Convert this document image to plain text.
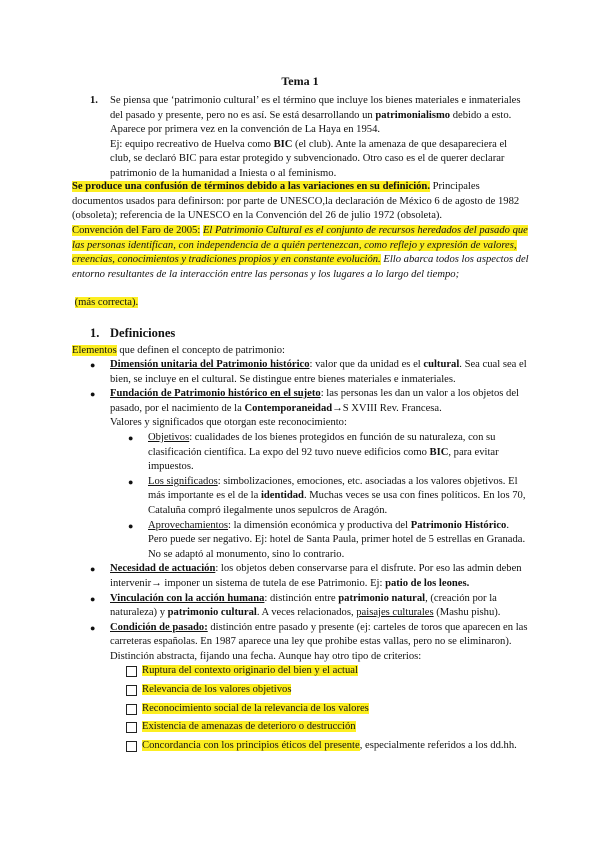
Tema 1
1. Se piensa que ‘patrimonio cultural’ es el término que incluye los bienes materiales e inmateriales del pasado y presente, pero no es así. Se está desarrollando un patrimonialismo debido a esto. Aparece por primera vez en la convención de La Haya en 1954.
Ej: equipo recreativo de Huelva como BIC (el club). Ante la amenaza de que desapareciera el club, se declaró BIC para estar protegido y subvencionado. Otro caso es el de querer declarar patrimonio de la humanidad a Iniesta o al feminismo.
Se produce una confusión de términos debido a las variaciones en su definición. Principales documentos usados para definirson: por parte de UNESCO,la declaración de México 6 de agosto de 1982 (obsoleta); referencia de la UNESCO en la Convención del 26 de julio 1972 (obsoleta).
Convención del Faro de 2005: El Patrimonio Cultural es el conjunto de recursos heredados del pasado que las personas identifican, con independencia de a quién pertenezcan, como reflejo y expresión de valores, creencias, conocimientos y tradiciones propios y en constante evolución. Ello abarca todos los aspectos del entorno resultantes de la interacción entre las personas y los lugares a lo largo del tiempo;
(más correcta).
1. Definiciones
Elementos que definen el concepto de patrimonio:
● Dimensión unitaria del Patrimonio histórico: valor que da unidad es el cultural. Sea cual sea el bien, se incluye en el cultural. Se distingue entre bienes materiales e inmateriales.
● Fundación de Patrimonio histórico en el sujeto: las personas les dan un valor a los objetos del pasado, por el nacimiento de la Contemporaneidad→S XVIII Rev. Francesa.
Valores y significados que otorgan este reconocimiento:
● Objetivos: cualidades de los bienes protegidos en función de su naturaleza, con su clasificación científica. La expo del 92 tuvo nueve edificios como BIC, para evitar impuestos.
● Los significados: simbolizaciones, emociones, etc. asociadas a los valores objetivos. El más importante es el de la identidad. Muchas veces se usa con fines políticos. En los 70, Cataluña compró ilegalmente unos sepulcros de Aragón.
● Aprovechamientos: la dimensión económica y productiva del Patrimonio Histórico. Pero puede ser negativo. Ej: hotel de Santa Paula, primer hotel de 5 estrellas en Granada. No se adaptó al monumento, sino lo contrario.
● Necesidad de actuación: los objetos deben conservarse para el disfrute. Por eso las admin deben intervenir→ imponer un sistema de tutela de ese Patrimonio. Ej: patio de los leones.
● Vinculación con la acción humana: distinción entre patrimonio natural, (creación por la naturaleza) y patrimonio cultural. A veces relacionados, paisajes culturales (Mashu pishu).
● Condición de pasado: distinción entre pasado y presente (ej: carteles de toros que aparecen en las carreteras españolas. En 1987 aparece una ley que prohibe estas vallas, pero no se eliminaron). Distinción abstracta, fijando una fecha. Aunque hay otro tipo de criterios:
Ruptura del contexto originario del bien y el actual
Relevancia de los valores objetivos
Reconocimiento social de la relevancia de los valores
Existencia de amenazas de deterioro o destrucción
Concordancia con los principios éticos del presente, especialmente referidos a los dd.hh.
